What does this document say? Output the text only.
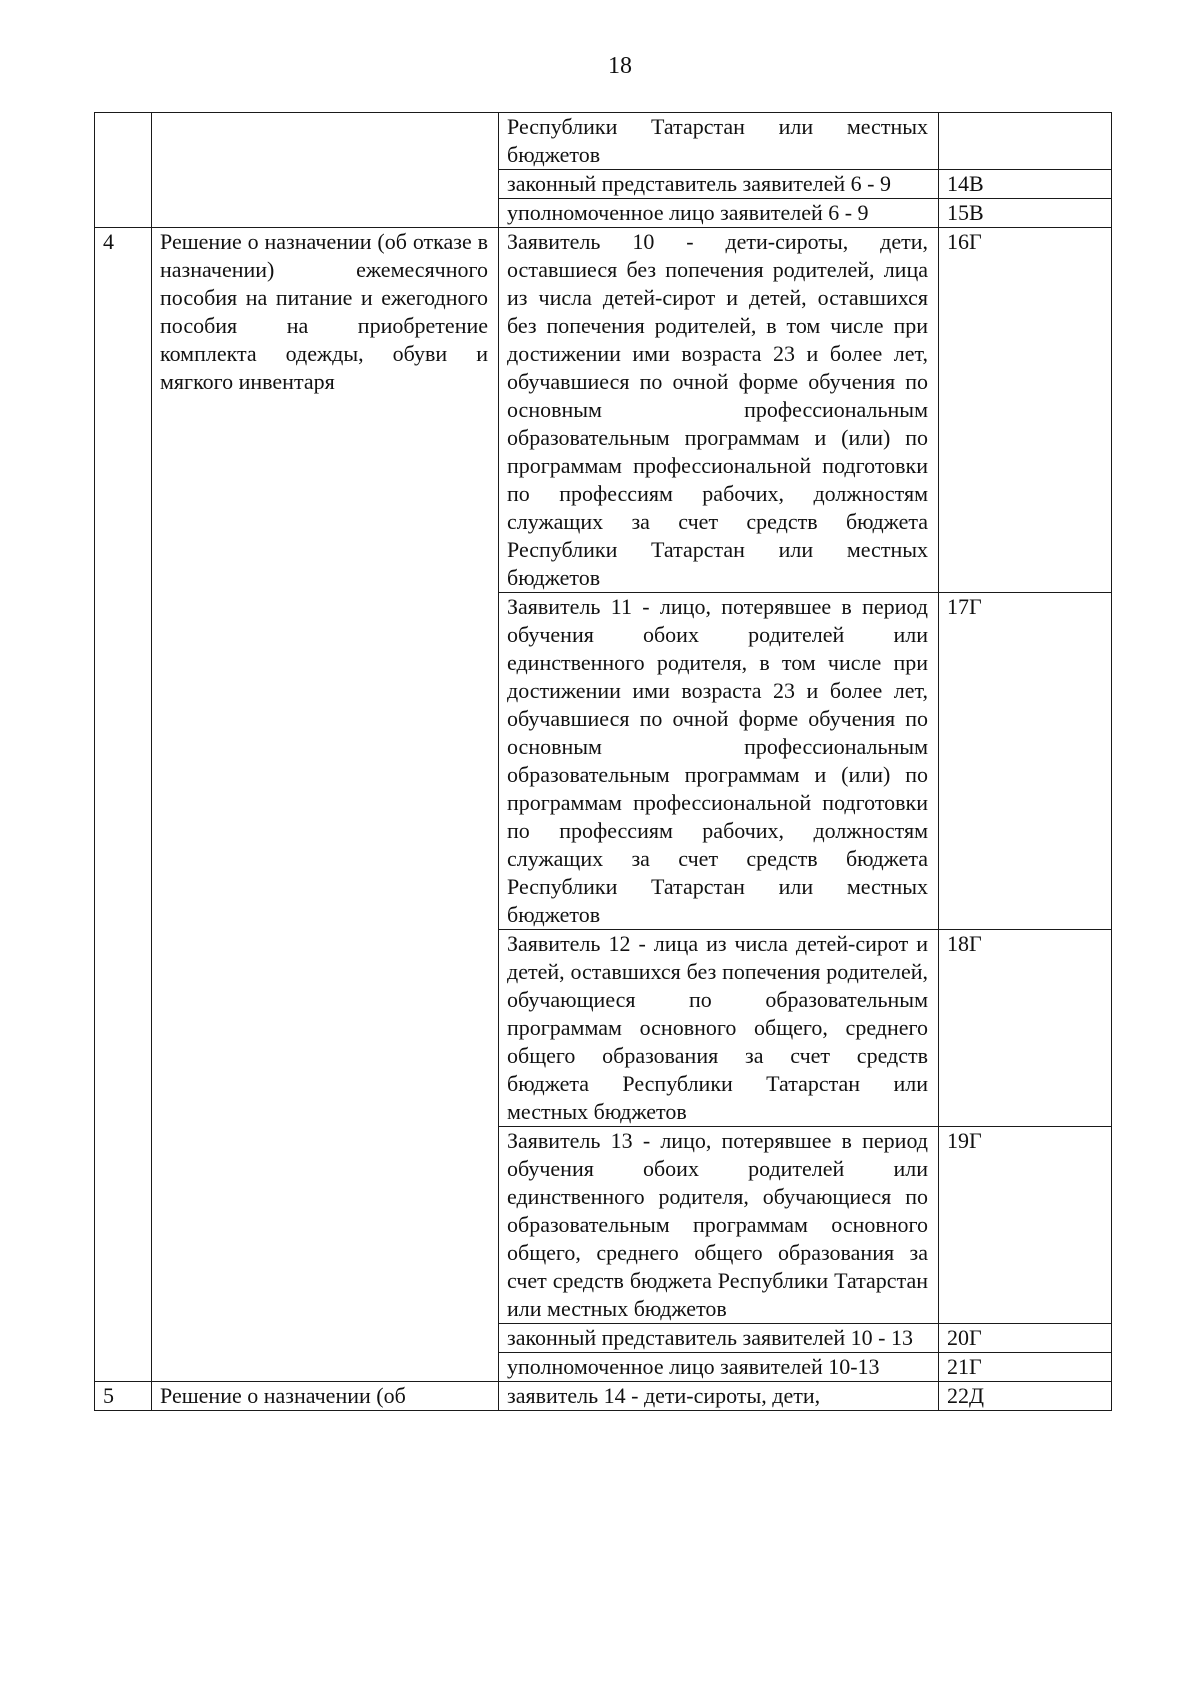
18
		Республики Татарстан или местных бюджетов	
		законный представитель заявителей 6 - 9	14В
		уполномоченное лицо заявителей 6 - 9	15В
4	Решение о назначении (об отказе в назначении) ежемесячного пособия на питание и ежегодного пособия на приобретение комплекта одежды, обуви и мягкого инвентаря	Заявитель 10 - дети-сироты, дети, оставшиеся без попечения родителей, лица из числа детей-сирот и детей, оставшихся без попечения родителей, в том числе при достижении ими возраста 23 и более лет, обучавшиеся по очной форме обучения по основным профессиональным образовательным программам и (или) по программам профессиональной подготовки по профессиям рабочих, должностям служащих за счет средств бюджета Республики Татарстан или местных бюджетов	16Г
		Заявитель 11 - лицо, потерявшее в период обучения обоих родителей или единственного родителя, в том числе при достижении ими возраста 23 и более лет, обучавшиеся по очной форме обучения по основным профессиональным образовательным программам и (или) по программам профессиональной подготовки по профессиям рабочих, должностям служащих за счет средств бюджета Республики Татарстан или местных бюджетов	17Г
		Заявитель 12 - лица из числа детей-сирот и детей, оставшихся без попечения родителей, обучающиеся по образовательным программам основного общего, среднего общего образования за счет средств бюджета Республики Татарстан или местных бюджетов	18Г
		Заявитель 13 - лицо, потерявшее в период обучения обоих родителей или единственного родителя, обучающиеся по образовательным программам основного общего, среднего общего образования за счет средств бюджета Республики Татарстан или местных бюджетов	19Г
		законный представитель заявителей 10 - 13	20Г
		уполномоченное лицо заявителей 10-13	21Г
5	Решение о назначении (об	заявитель 14 - дети-сироты, дети,	22Д
